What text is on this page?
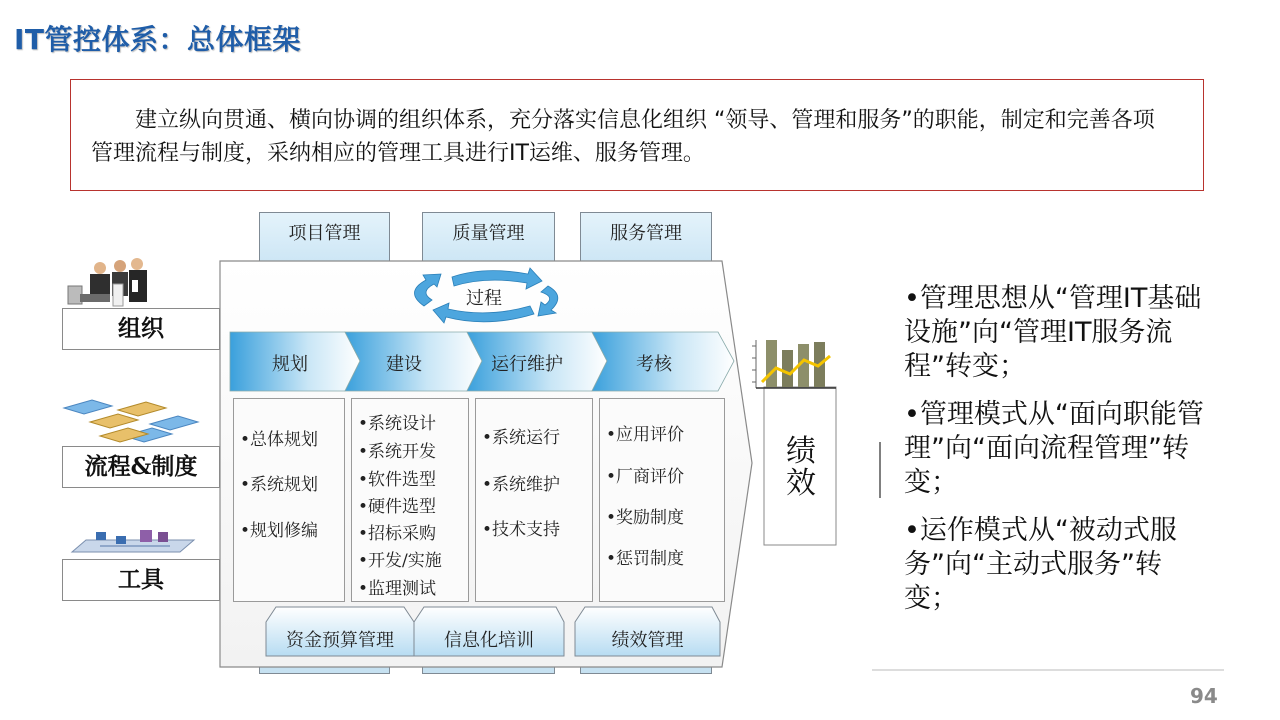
IT管控体系：总体框架

建立纵向贯通、横向协调的组织体系，充分落实信息化组织 “领导、管理和服务”的职能，制定和完善各项管理流程与制度，采纳相应的管理工具进行IT运维、服务管理。

项目管理	质量管理	服务管理
过程
规划	建设	运行维护	考核
•总体规划
•系统规划
•规划修编
•系统设计
•系统开发
•软件选型
•硬件选型
•招标采购
•开发/实施
•监理测试
•系统运行
•系统维护
•技术支持
•应用评价
•厂商评价
•奖励制度
•惩罚制度
资金预算管理	信息化培训	绩效管理
组织
流程&制度
工具
绩效
•管理思想从“管理IT基础设施”向“管理IT服务流程”转变；
•管理模式从“面向职能管理”向“面向流程管理”转变；
•运作模式从“被动式服务”向“主动式服务”转变；
94
